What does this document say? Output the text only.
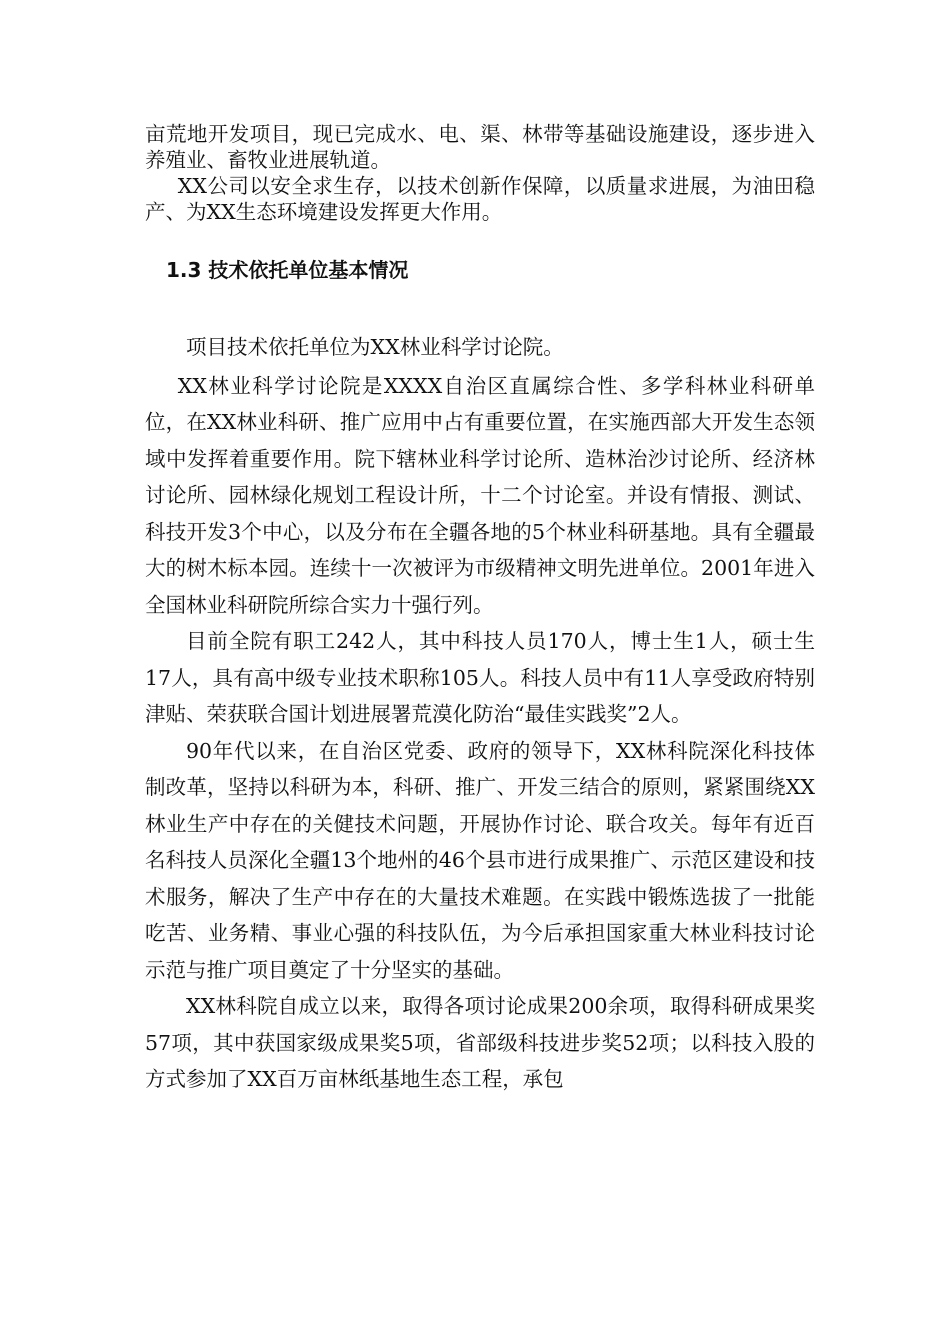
亩荒地开发项目，现已完成水、电、渠、林带等基础设施建设，逐步进入养殖业、畜牧业进展轨道。

XX公司以安全求生存，以技术创新作保障，以质量求进展，为油田稳产、为XX生态环境建设发挥更大作用。

1.3 技术依托单位基本情况

项目技术依托单位为XX林业科学讨论院。

XX林业科学讨论院是XXXX自治区直属综合性、多学科林业科研单位，在XX林业科研、推广应用中占有重要位置，在实施西部大开发生态领域中发挥着重要作用。院下辖林业科学讨论所、造林治沙讨论所、经济林讨论所、园林绿化规划工程设计所，十二个讨论室。并设有情报、测试、科技开发3个中心，以及分布在全疆各地的5个林业科研基地。具有全疆最大的树木标本园。连续十一次被评为市级精神文明先进单位。2001年进入全国林业科研院所综合实力十强行列。

目前全院有职工242人，其中科技人员170人，博士生1人，硕士生17人，具有高中级专业技术职称105人。科技人员中有11人享受政府特别津贴、荣获联合国计划进展署荒漠化防治“最佳实践奖”2人。

90年代以来，在自治区党委、政府的领导下，XX林科院深化科技体制改革，坚持以科研为本，科研、推广、开发三结合的原则，紧紧围绕XX林业生产中存在的关健技术问题，开展协作讨论、联合攻关。每年有近百名科技人员深化全疆13个地州的46个县市进行成果推广、示范区建设和技术服务，解决了生产中存在的大量技术难题。在实践中锻炼选拔了一批能吃苦、业务精、事业心强的科技队伍，为今后承担国家重大林业科技讨论示范与推广项目奠定了十分坚实的基础。

XX林科院自成立以来，取得各项讨论成果200余项，取得科研成果奖57项，其中获国家级成果奖5项，省部级科技进步奖52项；以科技入股的方式参加了XX百万亩林纸基地生态工程，承包
